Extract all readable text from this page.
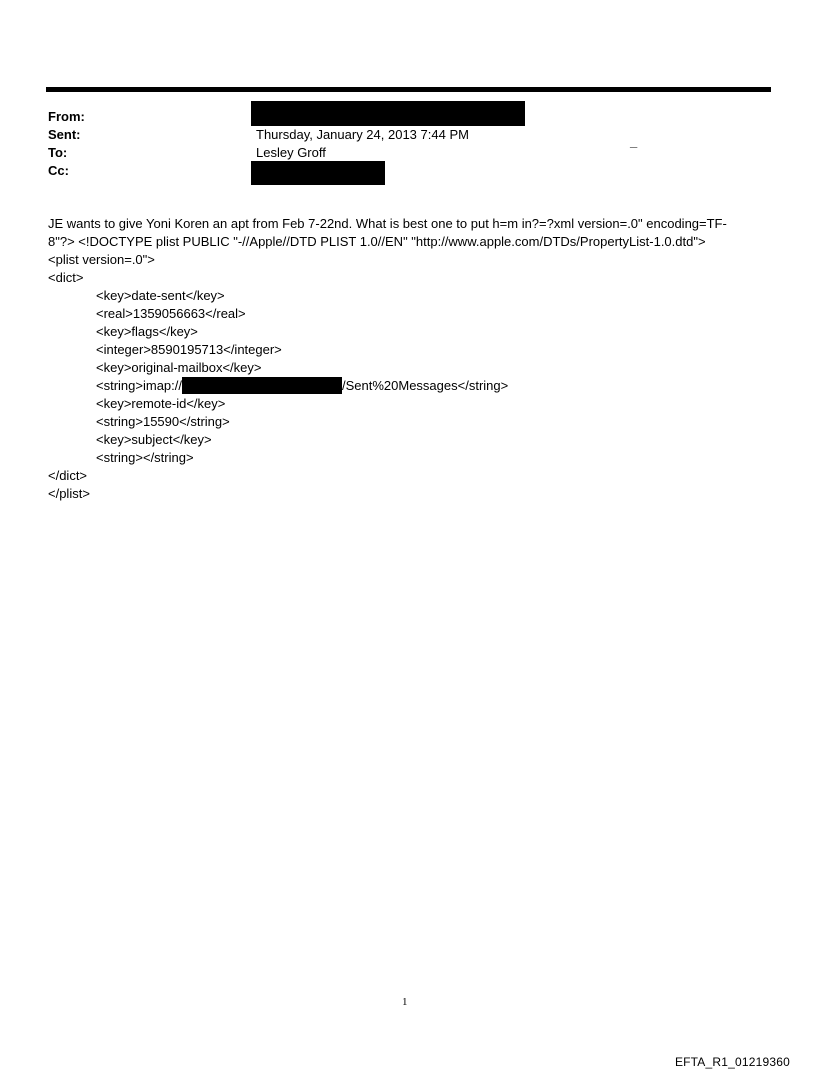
From:
Sent:	Thursday, January 24, 2013 7:44 PM	_
To:	Lesley Groff
Cc:
JE wants to give Yoni Koren an apt from Feb 7-22nd. What is best one to put h=m in?=?xml version=.0" encoding=TF-
8"?> <!DOCTYPE plist PUBLIC "-//Apple//DTD PLIST 1.0//EN" "http://www.apple.com/DTDs/PropertyList-1.0.dtd">
<plist version=.0">
<dict>
<key>date-sent</key>
<real>1359056663</real>
<key>flags</key>
<integer>8590195713</integer>
<key>original-mailbox</key>
<string>imap://	/Sent%20Messages</string>
<key>remote-id</key>
<string>15590</string>
<key>subject</key>
<string></string>
</dict>
</plist>
1
EFTA_R1_01219360
